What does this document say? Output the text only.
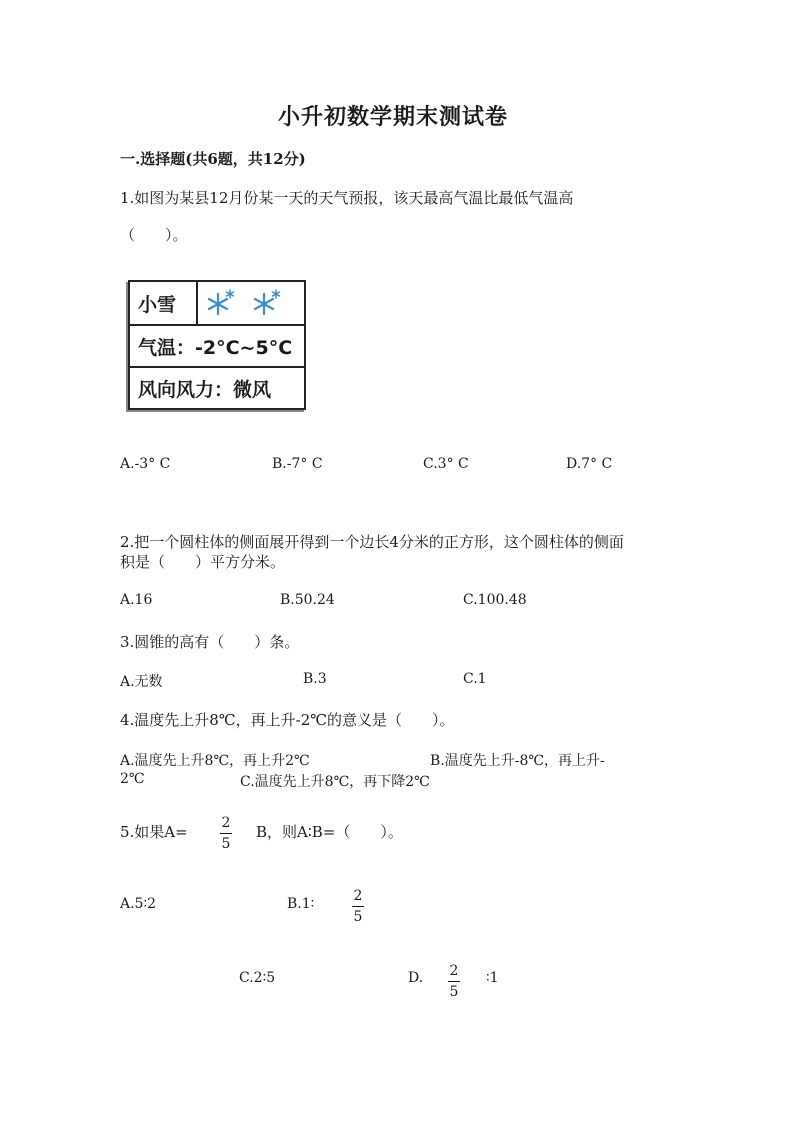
小升初数学期末测试卷
一.选择题(共6题，共12分)
1.如图为某县12月份某一天的天气预报，该天最高气温比最低气温高
（　　）。
小雪
气温：-2°C~5°C
风向风力：微风
A.-3° C	B.-7° C	C.3° C	D.7° C
2.把一个圆柱体的侧面展开得到一个边长4分米的正方形，这个圆柱体的侧面
积是（　　）平方分米。
A.16	B.50.24	C.100.48
3.圆锥的高有（　　）条。
A.无数	B.3	C.1
4.温度先上升8℃，再上升-2℃的意义是（　　）。
A.温度先上升8℃，再上升2℃	B.温度先上升-8℃，再上升-
2℃	C.温度先上升8℃，再下降2℃
5.如果A= 2
5
B，则A∶B=（　　）。
A.5∶2	B.1∶	2
5
C.2∶5	D. 2
5
∶1
